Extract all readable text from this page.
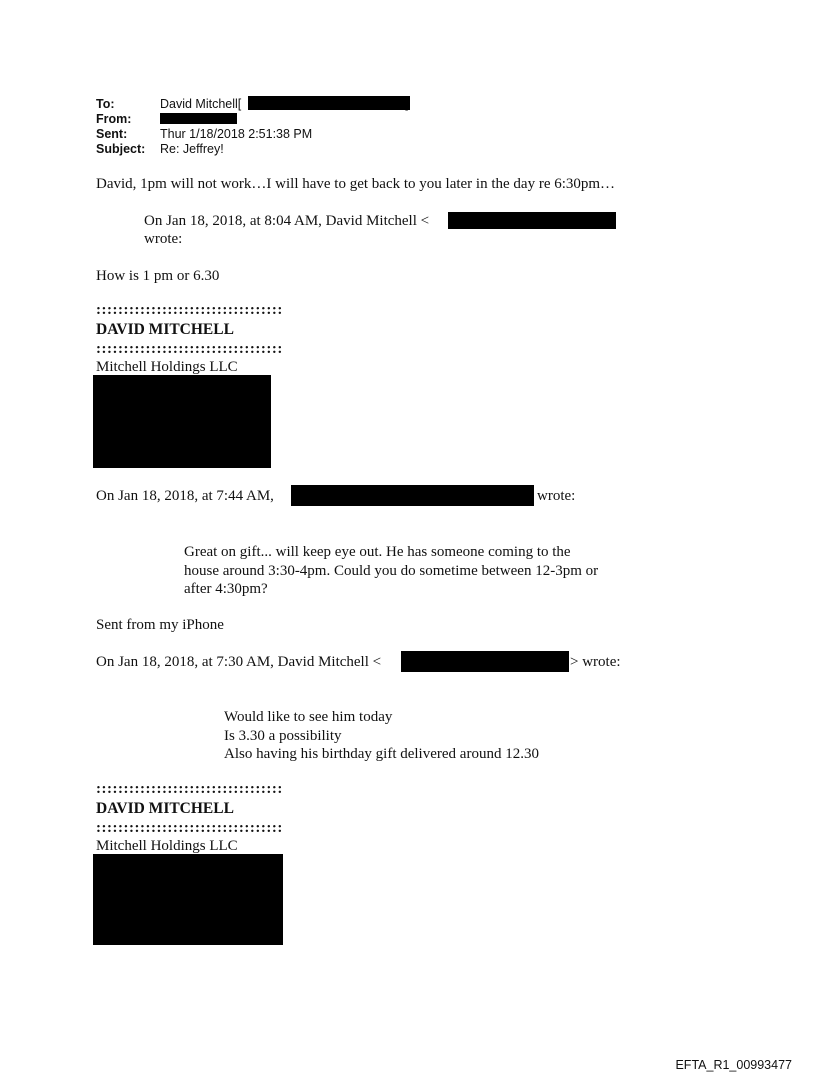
To:	David Mitchell[
From:
Sent:	Thur 1/18/2018 2:51:38 PM
Subject: Re: Jeffrey!
David, 1pm will not work…I will have to get back to you later in the day re 6:30pm…
On Jan 18, 2018, at 8:04 AM, David Mitchell <
wrote:
How is 1 pm or 6.30
::::::::::::::::::::::::::::::::::
DAVID MITCHELL
::::::::::::::::::::::::::::::::::
Mitchell Holdings LLC
On Jan 18, 2018, at 7:44 AM,	wrote:
Great on gift... will keep eye out. He has someone coming to the
house around 3:30-4pm. Could you do sometime between 12-3pm or
after 4:30pm?
Sent from my iPhone
On Jan 18, 2018, at 7:30 AM, David Mitchell <	> wrote:
Would like to see him today
Is 3.30 a possibility
Also having his birthday gift delivered around 12.30
::::::::::::::::::::::::::::::::::
DAVID MITCHELL
::::::::::::::::::::::::::::::::::
Mitchell Holdings LLC
EFTA_R1_00993477
